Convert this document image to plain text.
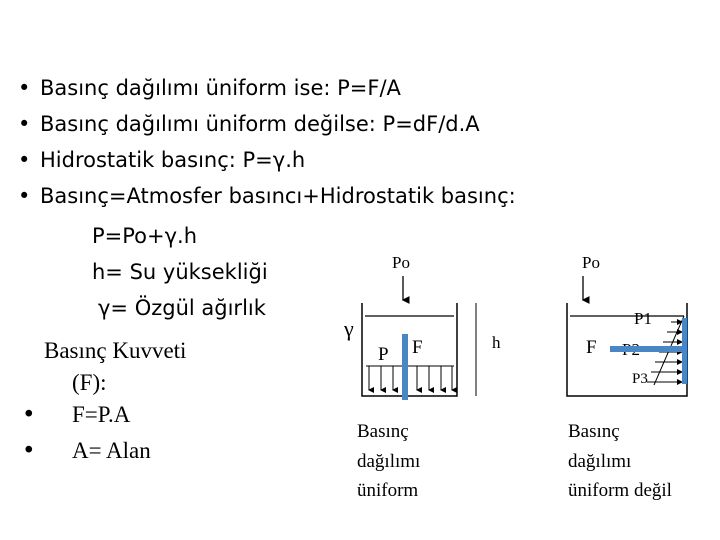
• Basınç dağılımı üniform ise: P=F/A
• Basınç dağılımı üniform değilse: P=dF/d.A
• Hidrostatik basınç: P=γ.h
• Basınç=Atmosfer basıncı+Hidrostatik basınç:
P=Po+γ.h
h= Su yüksekliği
γ= Özgül ağırlık
Basınç Kuvveti
(F):
• F=P.A
• A= Alan
Po
h
γ
P F
Basınç dağılımı üniform
Po
P1
F
P3
Basınç dağılımı üniform değil
